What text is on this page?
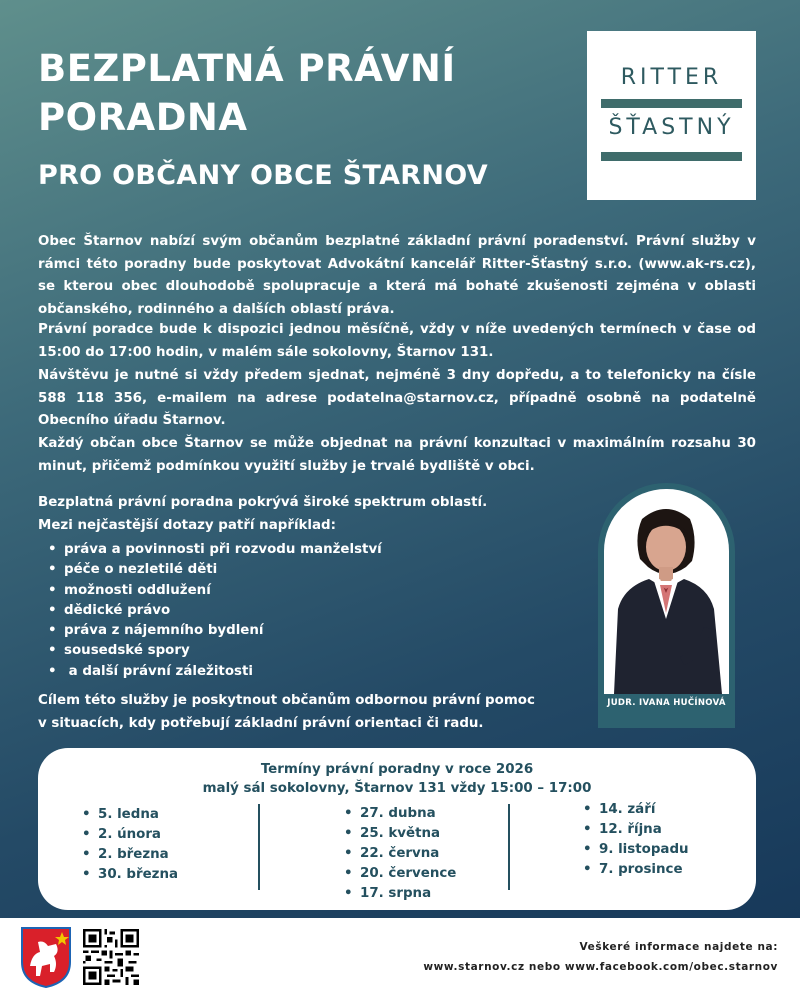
BEZPLATNÁ PRÁVNÍ
PORADNA
PRO OBČANY OBCE ŠTARNOV
RITTER
ŠŤASTNÝ

Obec Štarnov nabízí svým občanům bezplatné základní právní poradenství. Právní služby v rámci této poradny bude poskytovat Advokátní kancelář Ritter-Šťastný s.r.o. (www.ak-rs.cz), se kterou obec dlouhodobě spolupracuje a která má bohaté zkušenosti zejména v oblasti občanského, rodinného a dalších oblastí práva.

Právní poradce bude k dispozici jednou měsíčně, vždy v níže uvedených termínech v čase od 15:00 do 17:00 hodin, v malém sále sokolovny, Štarnov 131.

Návštěvu je nutné si vždy předem sjednat, nejméně 3 dny dopředu, a to telefonicky na čísle 588 118 356, e-mailem na adrese podatelna@starnov.cz, případně osobně na podatelně Obecního úřadu Štarnov.

Každý občan obce Štarnov se může objednat na právní konzultaci v maximálním rozsahu 30 minut, přičemž podmínkou využití služby je trvalé bydliště v obci.

Bezplatná právní poradna pokrývá široké spektrum oblastí.
Mezi nejčastější dotazy patří například:
• práva a povinnosti při rozvodu manželství
• péče o nezletilé děti
• možnosti oddlužení
• dědické právo
• práva z nájemního bydlení
• sousedské spory
• a další právní záležitosti
Cílem této služby je poskytnout občanům odbornou právní pomoc
v situacích, kdy potřebují základní právní orientaci či radu.
JUDR. IVANA HUČÍNOVÁ
Termíny právní poradny v roce 2026
malý sál sokolovny, Štarnov 131 vždy 15:00 – 17:00
• 5. ledna
• 2. února
• 2. března
• 30. března
• 27. dubna
• 25. května
• 22. června
• 20. července
• 17. srpna
• 14. září
• 12. října
• 9. listopadu
• 7. prosince
Veškeré informace najdete na:
www.starnov.cz nebo www.facebook.com/obec.starnov
